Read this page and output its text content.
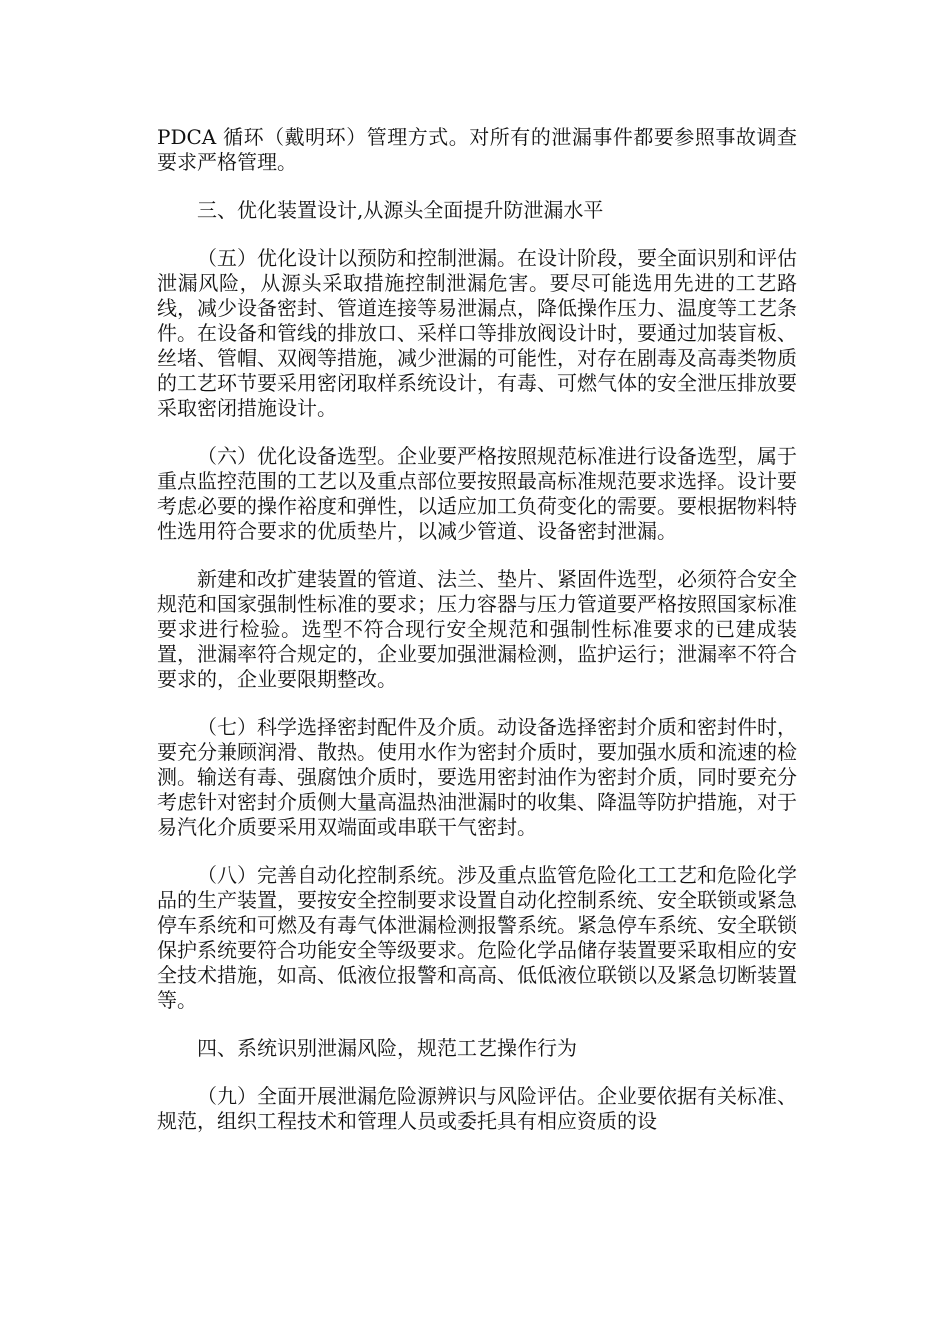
PDCA 循环（戴明环）管理方式。对所有的泄漏事件都要参照事故调查要求严格管理。

三、优化装置设计,从源头全面提升防泄漏水平

（五）优化设计以预防和控制泄漏。在设计阶段，要全面识别和评估泄漏风险，从源头采取措施控制泄漏危害。要尽可能选用先进的工艺路线，减少设备密封、管道连接等易泄漏点，降低操作压力、温度等工艺条件。在设备和管线的排放口、采样口等排放阀设计时，要通过加装盲板、丝堵、管帽、双阀等措施，减少泄漏的可能性，对存在剧毒及高毒类物质的工艺环节要采用密闭取样系统设计，有毒、可燃气体的安全泄压排放要采取密闭措施设计。

（六）优化设备选型。企业要严格按照规范标准进行设备选型，属于重点监控范围的工艺以及重点部位要按照最高标准规范要求选择。设计要考虑必要的操作裕度和弹性，以适应加工负荷变化的需要。要根据物料特性选用符合要求的优质垫片，以减少管道、设备密封泄漏。

新建和改扩建装置的管道、法兰、垫片、紧固件选型，必须符合安全规范和国家强制性标准的要求；压力容器与压力管道要严格按照国家标准要求进行检验。选型不符合现行安全规范和强制性标准要求的已建成装置，泄漏率符合规定的，企业要加强泄漏检测，监护运行；泄漏率不符合要求的，企业要限期整改。

（七）科学选择密封配件及介质。动设备选择密封介质和密封件时，要充分兼顾润滑、散热。使用水作为密封介质时，要加强水质和流速的检测。输送有毒、强腐蚀介质时，要选用密封油作为密封介质，同时要充分考虑针对密封介质侧大量高温热油泄漏时的收集、降温等防护措施，对于易汽化介质要采用双端面或串联干气密封。

（八）完善自动化控制系统。涉及重点监管危险化工工艺和危险化学品的生产装置，要按安全控制要求设置自动化控制系统、安全联锁或紧急停车系统和可燃及有毒气体泄漏检测报警系统。紧急停车系统、安全联锁保护系统要符合功能安全等级要求。危险化学品储存装置要采取相应的安全技术措施，如高、低液位报警和高高、低低液位联锁以及紧急切断装置等。

四、系统识别泄漏风险，规范工艺操作行为

（九）全面开展泄漏危险源辨识与风险评估。企业要依据有关标准、规范，组织工程技术和管理人员或委托具有相应资质的设
